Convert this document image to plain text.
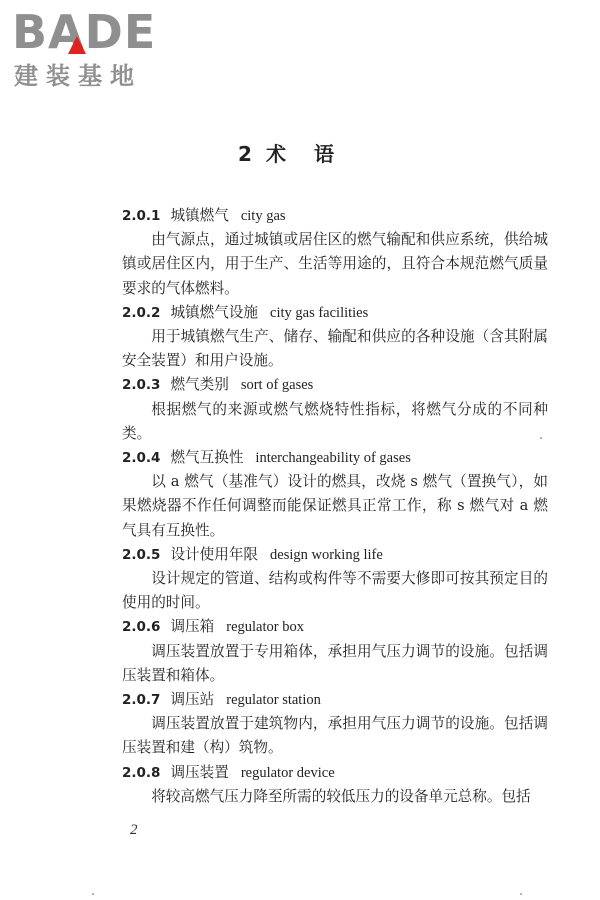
BADE
建装基地
2 术语
2.0.1 城镇燃气 city gas

由气源点，通过城镇或居住区的燃气输配和供应系统，供给城镇或居住区内，用于生产、生活等用途的，且符合本规范燃气质量要求的气体燃料。

2.0.2 城镇燃气设施 city gas facilities

用于城镇燃气生产、储存、输配和供应的各种设施（含其附属安全装置）和用户设施。

2.0.3 燃气类别 sort of gases

根据燃气的来源或燃气燃烧特性指标，将燃气分成的不同种类。

2.0.4 燃气互换性 interchangeability of gases

以 a 燃气（基准气）设计的燃具，改烧 s 燃气（置换气），如果燃烧器不作任何调整而能保证燃具正常工作，称 s 燃气对 a 燃气具有互换性。

2.0.5 设计使用年限 design working life

设计规定的管道、结构或构件等不需要大修即可按其预定目的使用的时间。

2.0.6 调压箱 regulator box

调压装置放置于专用箱体，承担用气压力调节的设施。包括调压装置和箱体。

2.0.7 调压站 regulator station

调压装置放置于建筑物内，承担用气压力调节的设施。包括调压装置和建（构）筑物。

2.0.8 调压装置 regulator device

将较高燃气压力降至所需的较低压力的设备单元总称。包括

2
